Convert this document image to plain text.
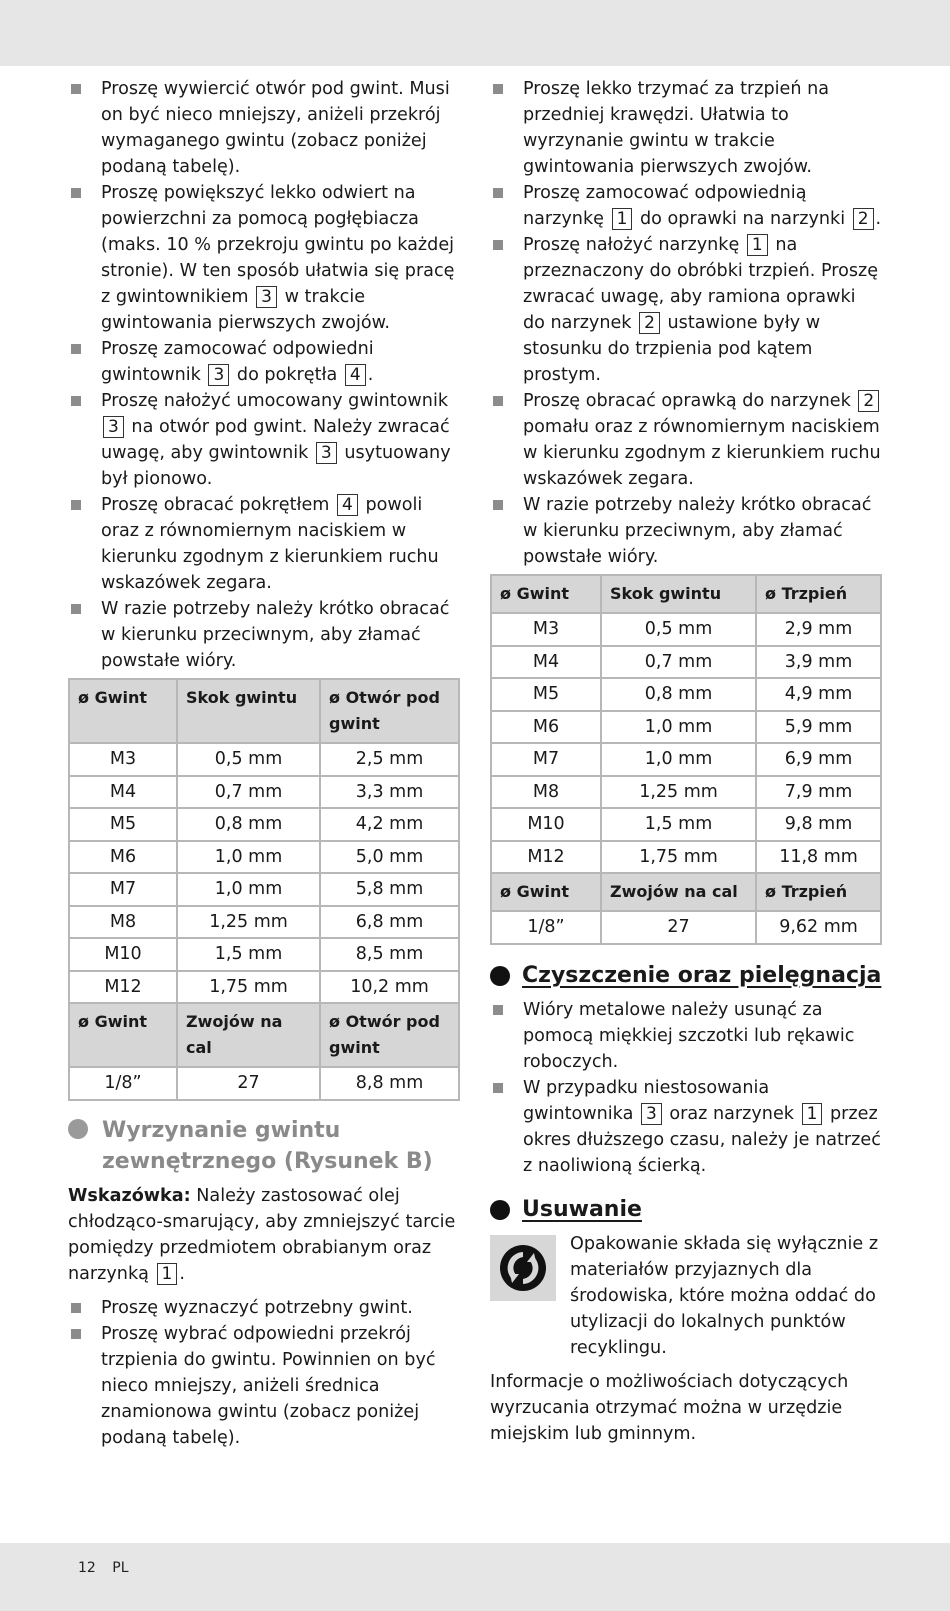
Proszę wywiercić otwór pod gwint. Musi on być nieco mniejszy, aniżeli przekrój wymaganego gwintu (zobacz poniżej podaną tabelę).
Proszę powiększyć lekko odwiert na powierzchni za pomocą pogłębiacza (maks. 10 % przekroju gwintu po każdej stronie). W ten sposób ułatwia się pracę z gwintownikiem 3 w trakcie gwintowania pierwszych zwojów.
Proszę zamocować odpowiedni gwintownik 3 do pokrętła 4 .
Proszę nałożyć umocowany gwintownik 3 na otwór pod gwint. Należy zwracać uwagę, aby gwintownik 3 usytuowany był pionowo.
Proszę obracać pokrętłem 4 powoli oraz z równomiernym naciskiem w kierunku zgodnym z kierunkiem ruchu wskazówek zegara.
W razie potrzeby należy krótko obracać w kierunku przeciwnym, aby złamać powstałe wióry.
ø Gwint	Skok gwintu	ø Otwór pod gwint
M3	0,5 mm	2,5 mm
M4	0,7 mm	3,3 mm
M5	0,8 mm	4,2 mm
M6	1,0 mm	5,0 mm
M7	1,0 mm	5,8 mm
M8	1,25 mm	6,8 mm
M10	1,5 mm	8,5 mm
M12	1,75 mm	10,2 mm
ø Gwint	Zwojów na cal	ø Otwór pod gwint
1/8”	27	8,8 mm
Wyrzynanie gwintu zewnętrznego (Rysunek B)

Wskazówka: Należy zastosować olej chłodząco-smarujący, aby zmniejszyć tarcie pomiędzy przedmiotem obrabianym oraz narzynką 1 .

Proszę wyznaczyć potrzebny gwint.
Proszę wybrać odpowiedni przekrój trzpienia do gwintu. Powinnien on być nieco mniejszy, aniżeli średnica znamionowa gwintu (zobacz poniżej podaną tabelę).
Proszę lekko trzymać za trzpień na przedniej krawędzi. Ułatwia to wyrzynanie gwintu w trakcie gwintowania pierwszych zwojów.
Proszę zamocować odpowiednią narzynkę 1 do oprawki na narzynki 2 .
Proszę nałożyć narzynkę 1 na przeznaczony do obróbki trzpień. Proszę zwracać uwagę, aby ramiona oprawki do narzynek 2 ustawione były w stosunku do trzpienia pod kątem prostym.
Proszę obracać oprawką do narzynek 2 pomału oraz z równomiernym naciskiem w kierunku zgodnym z kierunkiem ruchu wskazówek zegara.
W razie potrzeby należy krótko obracać w kierunku przeciwnym, aby złamać powstałe wióry.
ø Gwint	Skok gwintu	ø Trzpień
M3	0,5 mm	2,9 mm
M4	0,7 mm	3,9 mm
M5	0,8 mm	4,9 mm
M6	1,0 mm	5,9 mm
M7	1,0 mm	6,9 mm
M8	1,25 mm	7,9 mm
M10	1,5 mm	9,8 mm
M12	1,75 mm	11,8 mm
ø Gwint	Zwojów na cal	ø Trzpień
1/8”	27	9,62 mm
Czyszczenie oraz pielęgnacja
Wióry metalowe należy usunąć za pomocą miękkiej szczotki lub rękawic roboczych.
W przypadku niestosowania gwintownika 3 oraz narzynek 1 przez okres dłuższego czasu, należy je natrzeć z naoliwioną ścierką.
Usuwanie

Opakowanie składa się wyłącznie z materiałów przyjaznych dla środowiska, które można oddać do utylizacji do lokalnych punktów recyklingu.

Informacje o możliwościach dotyczących wyrzucania otrzymać można w urzędzie miejskim lub gminnym.

12 PL
